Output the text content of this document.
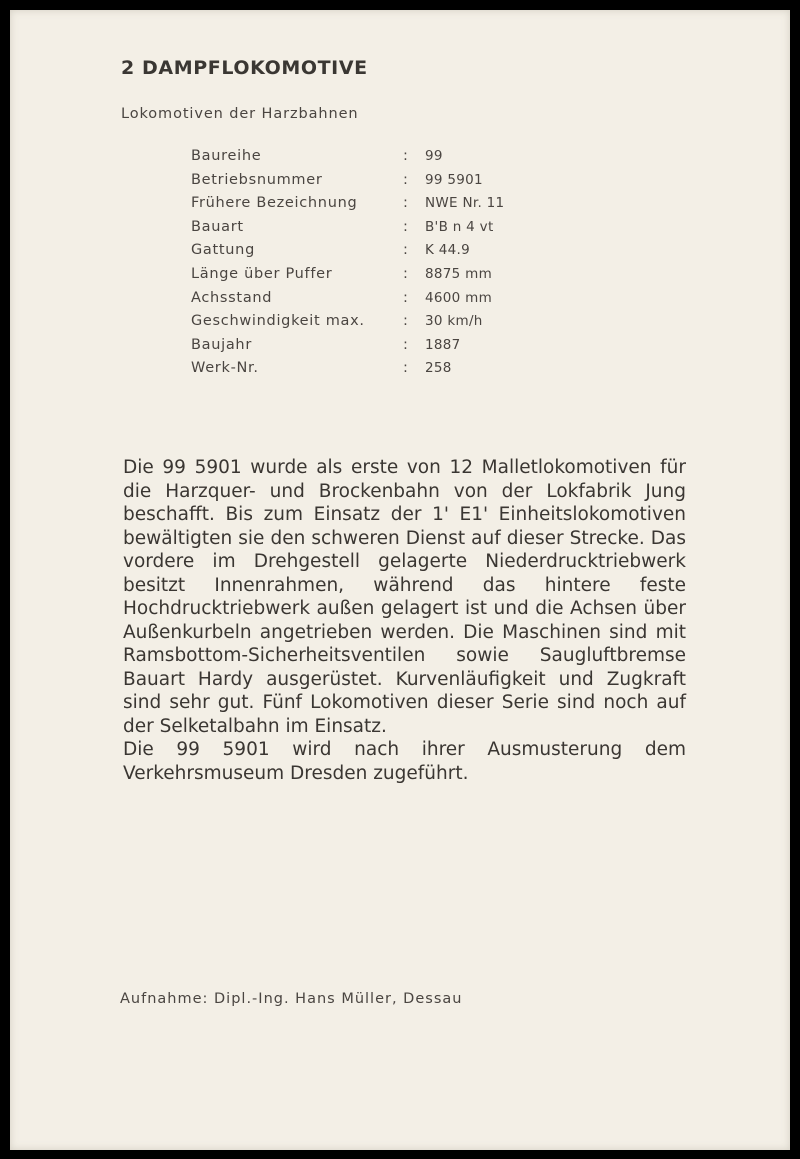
2 DAMPFLOKOMOTIVE
Lokomotiven der Harzbahnen
Baureihe	:	99
Betriebsnummer	:	99 5901
Frühere Bezeichnung	:	NWE Nr. 11
Bauart	:	B'B n 4 vt
Gattung	:	K 44.9
Länge über Puffer	:	8875 mm
Achsstand	:	4600 mm
Geschwindigkeit max.	:	30 km/h
Baujahr	:	1887
Werk-Nr.	:	258

Die 99 5901 wurde als erste von 12 Malletlokomotiven für die Harzquer- und Brockenbahn von der Lokfabrik Jung beschafft. Bis zum Einsatz der 1' E1' Einheitslokomotiven bewältigten sie den schweren Dienst auf dieser Strecke. Das vordere im Drehgestell gelagerte Niederdrucktriebwerk besitzt Innenrahmen, während das hintere feste Hochdrucktriebwerk außen gelagert ist und die Achsen über Außenkurbeln angetrieben werden. Die Maschinen sind mit Ramsbottom-Sicherheitsventilen sowie Saugluftbremse Bauart Hardy ausgerüstet. Kurvenläufigkeit und Zugkraft sind sehr gut. Fünf Lokomotiven dieser Serie sind noch auf der Selketalbahn im Einsatz.

Die 99 5901 wird nach ihrer Ausmusterung dem Verkehrsmuseum Dresden zugeführt.

Aufnahme: Dipl.-Ing. Hans Müller, Dessau
